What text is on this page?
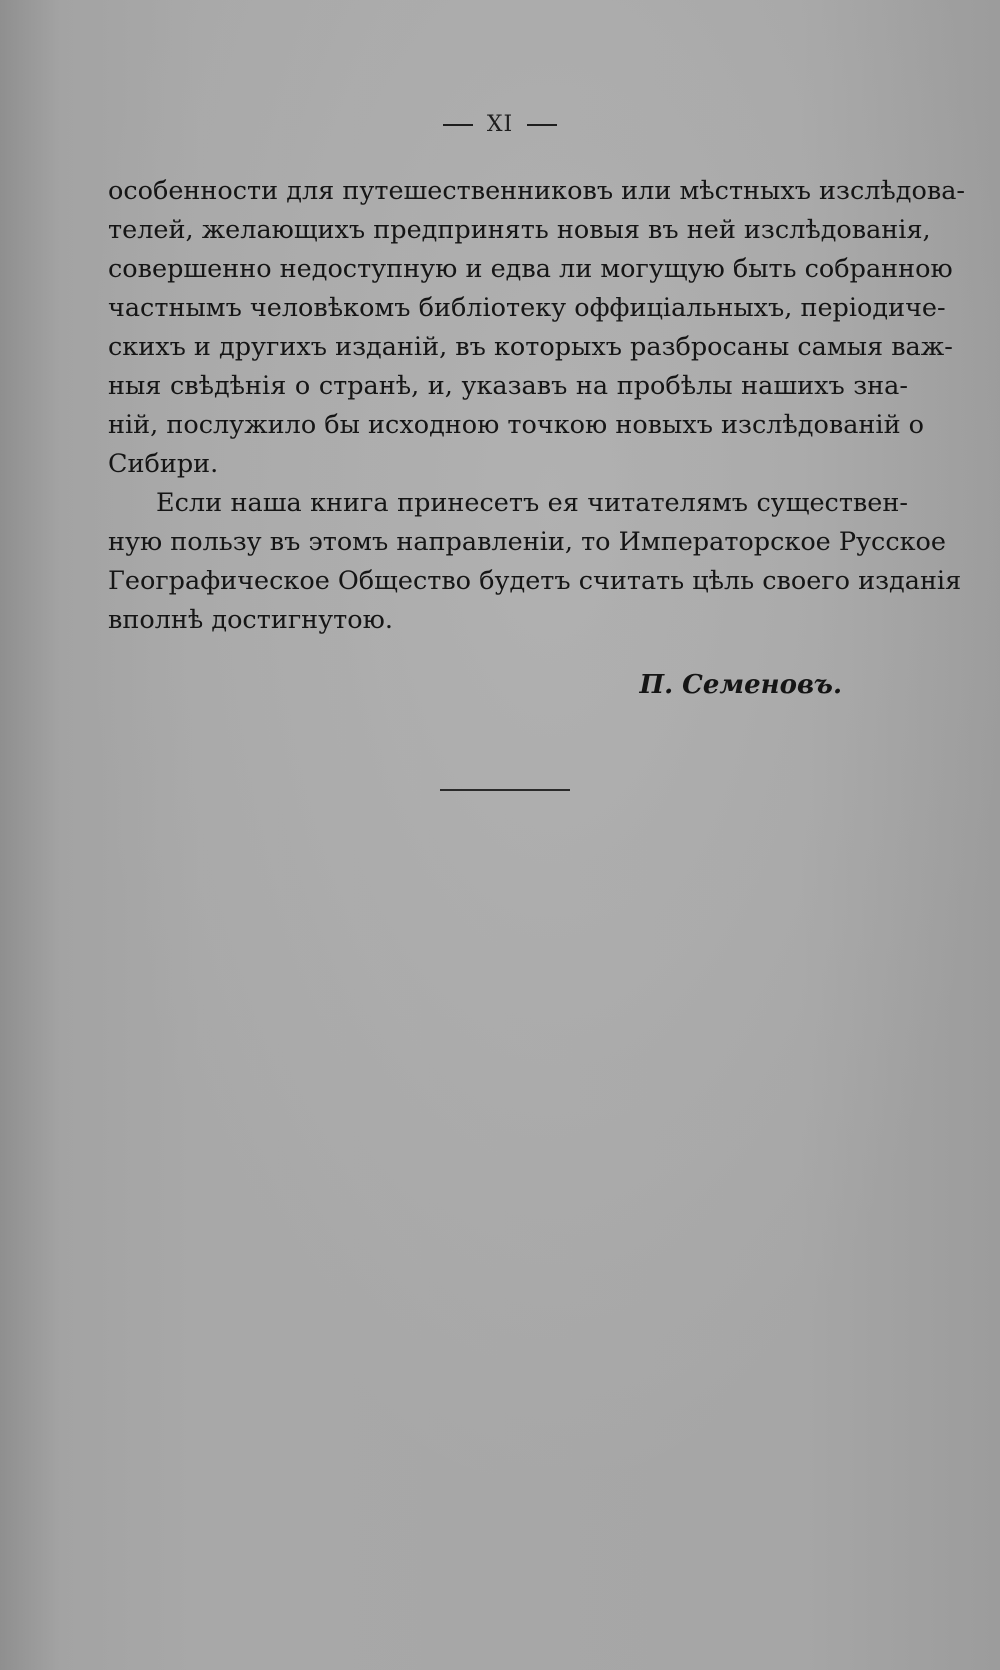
XI
особенности для путешественниковъ или мѣстныхъ изслѣдова-
телей, желающихъ предпринять новыя въ ней изслѣдованія,
совершенно недоступную и едва ли могущую быть собранною
частнымъ человѣкомъ библіотеку оффиціальныхъ, періодиче-
скихъ и другихъ изданій, въ которыхъ разбросаны самыя важ-
ныя свѣдѣнія о странѣ, и, указавъ на пробѣлы нашихъ зна-
ній, послужило бы исходною точкою новыхъ изслѣдованій о
Сибири.
Если наша книга принесетъ ея читателямъ существен-
ную пользу въ этомъ направленіи, то Императорское Русское
Географическое Общество будетъ считать цѣль своего изданія
вполнѣ достигнутою.
П. Семеновъ.
